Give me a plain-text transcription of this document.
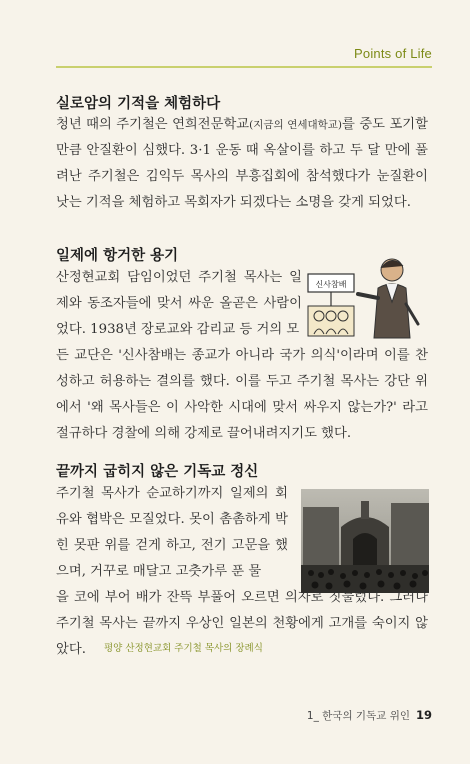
Points of Life
실로암의 기적을 체험하다
청년 때의 주기철은 연희전문학교(지금의 연세대학교)를 중도 포기할 만큼 안질환이 심했다. 3·1 운동 때 옥살이를 하고 두 달 만에 풀려난 주기철은 김익두 목사의 부흥집회에 참석했다가 눈질환이 낫는 기적을 체험하고 목회자가 되겠다는 소명을 갖게 되었다.
일제에 항거한 용기
산정현교회 담임이었던 주기철 목사는 일제와 동조자들에 맞서 싸운 올곧은 사람이었다. 1938년 장로교와 감리교 등 거의 모
신사참배
든 교단은 '신사참배는 종교가 아니라 국가 의식'이라며 이를 찬성하고 허용하는 결의를 했다. 이를 두고 주기철 목사는 강단 위에서 '왜 목사들은 이 사악한 시대에 맞서 싸우지 않는가?' 라고 절규하다 경찰에 의해 강제로 끌어내려지기도 했다.
끝까지 굽히지 않은 기독교 정신
주기철 목사가 순교하기까지 일제의 회유와 협박은 모질었다. 못이 촘촘하게 박힌 못판 위를 걷게 하고, 전기 고문을 했으며, 거꾸로 매달고 고춧가루 푼 물
을 코에 부어 배가 잔뜩 부풀어 오르면 의자로 짓눌렀다. 그러나 주기철 목사는 끝까지 우상인 일본의 천황에게 고개를 숙이지 않았다.	평양 산정현교회 주기철 목사의 장례식
1_ 한국의 기독교 위인 19
